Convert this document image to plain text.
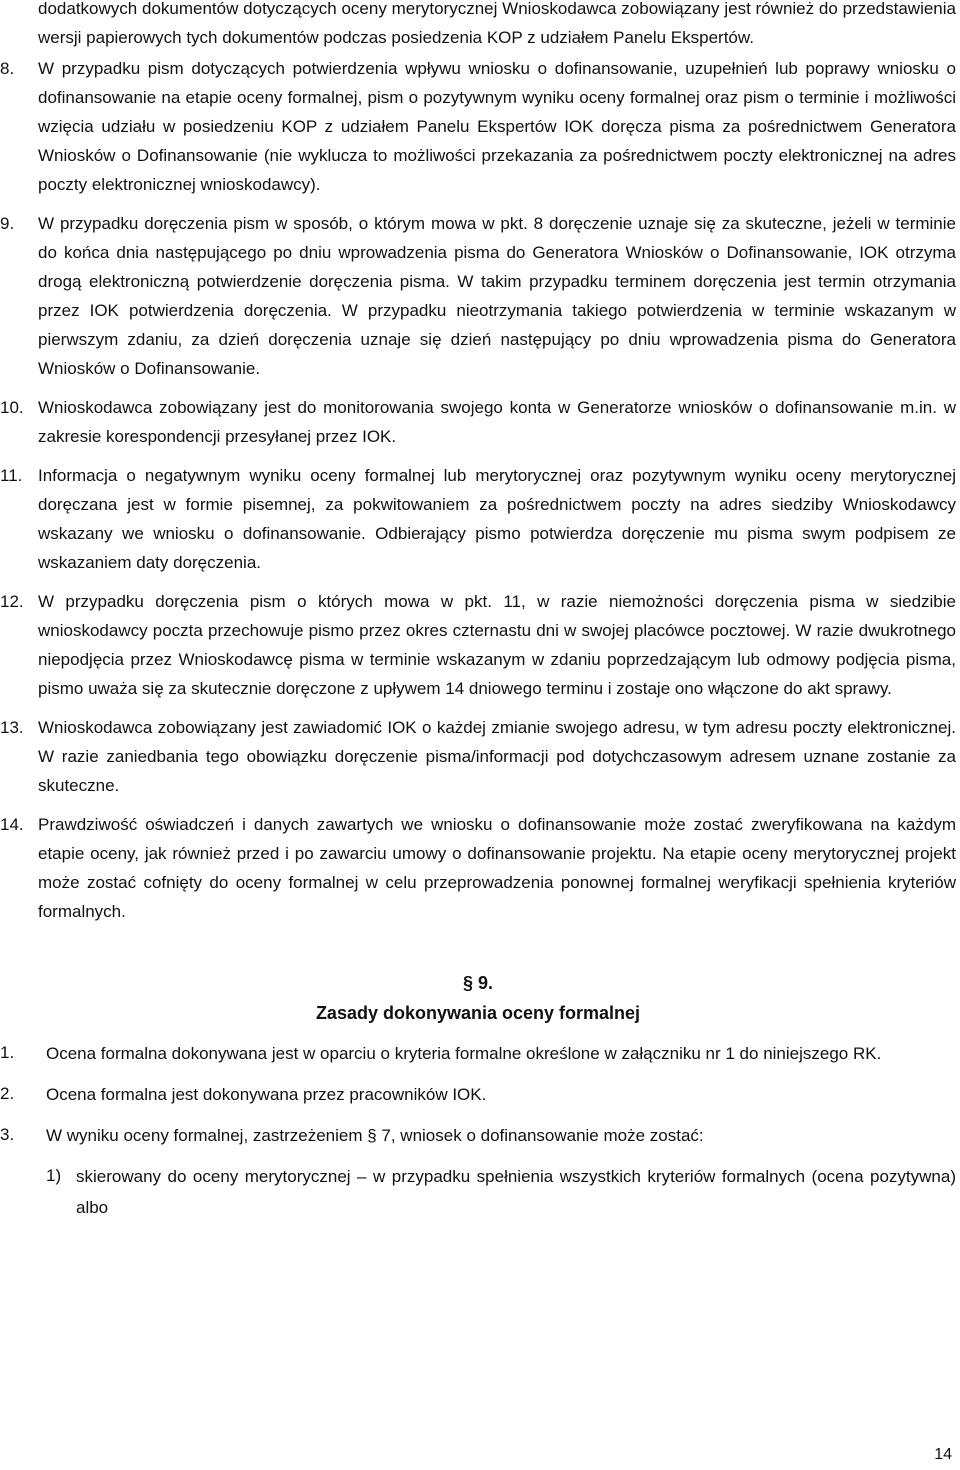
dodatkowych dokumentów dotyczących oceny merytorycznej Wnioskodawca zobowiązany jest również do przedstawienia wersji papierowych tych dokumentów podczas posiedzenia KOP z udziałem Panelu Ekspertów.

8.	W przypadku pism dotyczących potwierdzenia wpływu wniosku o dofinansowanie, uzupełnień lub poprawy wniosku o dofinansowanie na etapie oceny formalnej, pism o pozytywnym wyniku oceny formalnej oraz pism o terminie i możliwości wzięcia udziału w posiedzeniu KOP z udziałem Panelu Ekspertów IOK doręcza pisma za pośrednictwem Generatora Wniosków o Dofinansowanie (nie wyklucza to możliwości przekazania za pośrednictwem poczty elektronicznej na adres poczty elektronicznej wnioskodawcy).

9.	W przypadku doręczenia pism w sposób, o którym mowa w pkt. 8 doręczenie uznaje się za skuteczne, jeżeli w terminie do końca dnia następującego po dniu wprowadzenia pisma do Generatora Wniosków o Dofinansowanie, IOK otrzyma drogą elektroniczną potwierdzenie doręczenia pisma. W takim przypadku terminem doręczenia jest termin otrzymania przez IOK potwierdzenia doręczenia. W przypadku nieotrzymania takiego potwierdzenia w terminie wskazanym w pierwszym zdaniu, za dzień doręczenia uznaje się dzień następujący po dniu wprowadzenia pisma do Generatora Wniosków o Dofinansowanie.

10. Wnioskodawca zobowiązany jest do monitorowania swojego konta w Generatorze wniosków o dofinansowanie m.in. w zakresie korespondencji przesyłanej przez IOK.

11. Informacja o negatywnym wyniku oceny formalnej lub merytorycznej oraz pozytywnym wyniku oceny merytorycznej doręczana jest w formie pisemnej, za pokwitowaniem za pośrednictwem poczty na adres siedziby Wnioskodawcy wskazany we wniosku o dofinansowanie. Odbierający pismo potwierdza doręczenie mu pisma swym podpisem ze wskazaniem daty doręczenia.

12. W przypadku doręczenia pism o których mowa w pkt. 11, w razie niemożności doręczenia pisma w siedzibie wnioskodawcy poczta przechowuje pismo przez okres czternastu dni w swojej placówce pocztowej. W razie dwukrotnego niepodjęcia przez Wnioskodawcę pisma w terminie wskazanym w zdaniu poprzedzającym lub odmowy podjęcia pisma, pismo uważa się za skutecznie doręczone z upływem 14 dniowego terminu i zostaje ono włączone do akt sprawy.

13. Wnioskodawca zobowiązany jest zawiadomić IOK o każdej zmianie swojego adresu, w tym adresu poczty elektronicznej. W razie zaniedbania tego obowiązku doręczenie pisma/informacji pod dotychczasowym adresem uznane zostanie za skuteczne.

14. Prawdziwość oświadczeń i danych zawartych we wniosku o dofinansowanie może zostać zweryfikowana na każdym etapie oceny, jak również przed i po zawarciu umowy o dofinansowanie projektu. Na etapie oceny merytorycznej projekt może zostać cofnięty do oceny formalnej w celu przeprowadzenia ponownej formalnej weryfikacji spełnienia kryteriów formalnych.

§ 9.

Zasady dokonywania oceny formalnej

1.	Ocena formalna dokonywana jest w oparciu o kryteria formalne określone w załączniku nr 1 do niniejszego RK.

2.	Ocena formalna jest dokonywana przez pracowników IOK.

3.	W wyniku oceny formalnej, zastrzeżeniem § 7, wniosek o dofinansowanie może zostać:

1) skierowany do oceny merytorycznej – w przypadku spełnienia wszystkich kryteriów formalnych (ocena pozytywna) albo

14
